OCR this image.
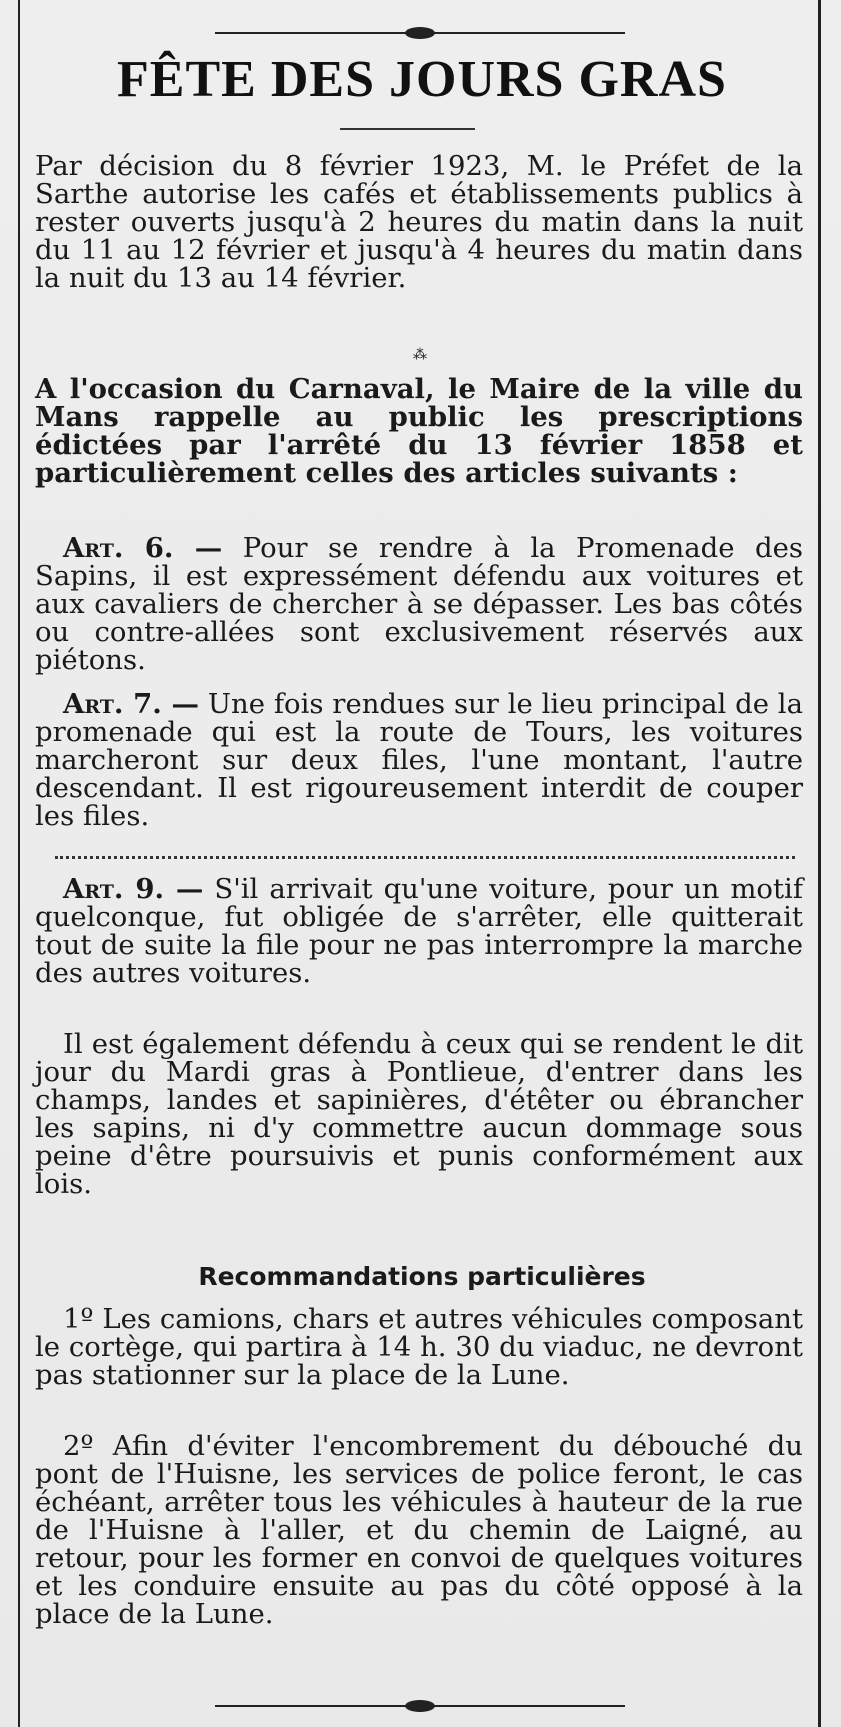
FÊTE DES JOURS GRAS

Par décision du 8 février 1923, M. le Préfet de la Sarthe autorise les cafés et établissements publics à rester ouverts jusqu'à 2 heures du matin dans la nuit du 11 au 12 février et jusqu'à 4 heures du matin dans la nuit du 13 au 14 février.

⁂

A l'occasion du Carnaval, le Maire de la ville du Mans rappelle au public les prescriptions édictées par l'arrêté du 13 février 1858 et particulièrement celles des articles suivants :

Art. 6. — Pour se rendre à la Promenade des Sapins, il est expressément défendu aux voitures et aux cavaliers de chercher à se dépasser. Les bas côtés ou contre-allées sont exclusivement réservés aux piétons.

Art. 7. — Une fois rendues sur le lieu principal de la promenade qui est la route de Tours, les voitures marcheront sur deux files, l'une montant, l'autre descendant. Il est rigoureusement interdit de couper les files.

Art. 9. — S'il arrivait qu'une voiture, pour un motif quelconque, fut obligée de s'arrêter, elle quitterait tout de suite la file pour ne pas interrompre la marche des autres voitures.

Il est également défendu à ceux qui se rendent le dit jour du Mardi gras à Pontlieue, d'entrer dans les champs, landes et sapinières, d'étêter ou ébrancher les sapins, ni d'y commettre aucun dommage sous peine d'être poursuivis et punis conformément aux lois.

Recommandations particulières

1º Les camions, chars et autres véhicules composant le cortège, qui partira à 14 h. 30 du viaduc, ne devront pas stationner sur la place de la Lune.

2º Afin d'éviter l'encombrement du débouché du pont de l'Huisne, les services de police feront, le cas échéant, arrêter tous les véhicules à hauteur de la rue de l'Huisne à l'aller, et du chemin de Laigné, au retour, pour les former en convoi de quelques voitures et les conduire ensuite au pas du côté opposé à la place de la Lune.
